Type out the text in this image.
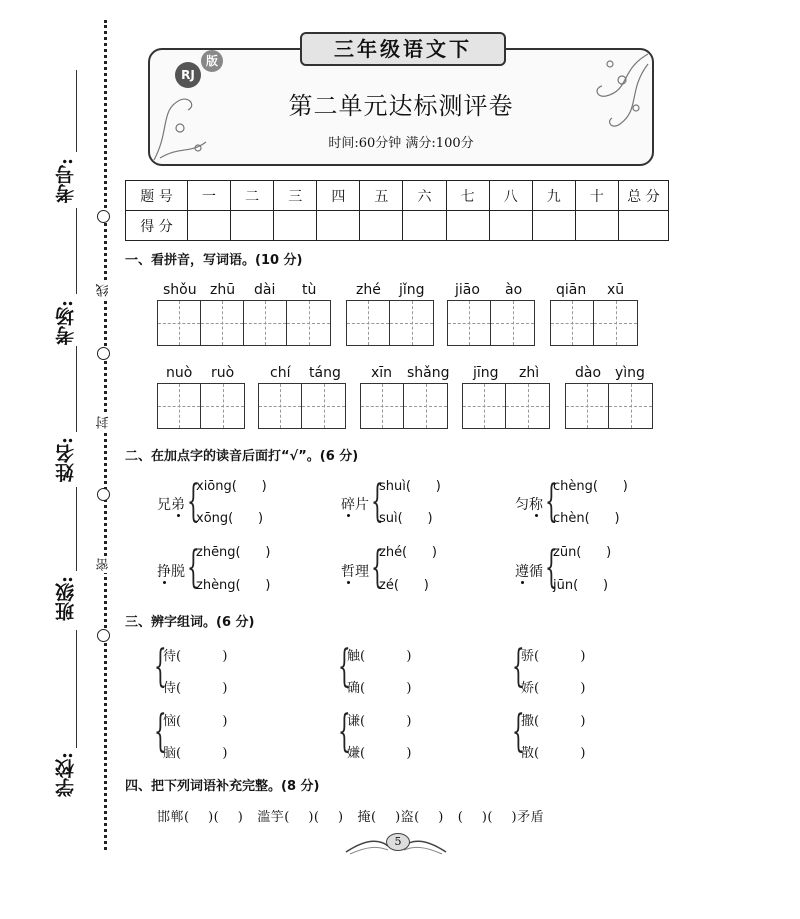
考号:
考场:
姓名:
班级:
学校:
线
封
密
三年级语文下
RJ
版
第二单元达标测评卷
时间:60分钟 满分:100分
题 号	一	二	三	四	五	六	七	八	九	十	总 分
得 分											
一、看拼音，写词语。(10 分)
shǒu zhū dài tù	zhé jǐng jiāo ào qiān xū
nuò ruò	chí táng xīn shǎng jīng zhì	dào yìng
二、在加点字的读音后面打“√”。(6 分)
兄弟 {
xiōng(      )
xōng(      )
碎片 {
shuì(      )
suì(      )
匀称 {
chèng(      )
chèn(      )
挣脱 {
zhēng(      )
zhèng(      )
哲理 {
zhé(      )
zé(      )
遵循 {
zūn(      )
jūn(      )
三、辨字组词。(6 分)
{
待(          )
侍(          )	{
触(          )
确(          ) {
骄(          )
娇(          )
{
恼(          )
脑(          )	{
谦(          )
嫌(          ) {
撒(          )
散(          )
四、把下列词语补充完整。(8 分)
邯郸(    )(    )   滥竽(    )(    )   掩(    )盗(    )   (    )(    )矛盾
5
